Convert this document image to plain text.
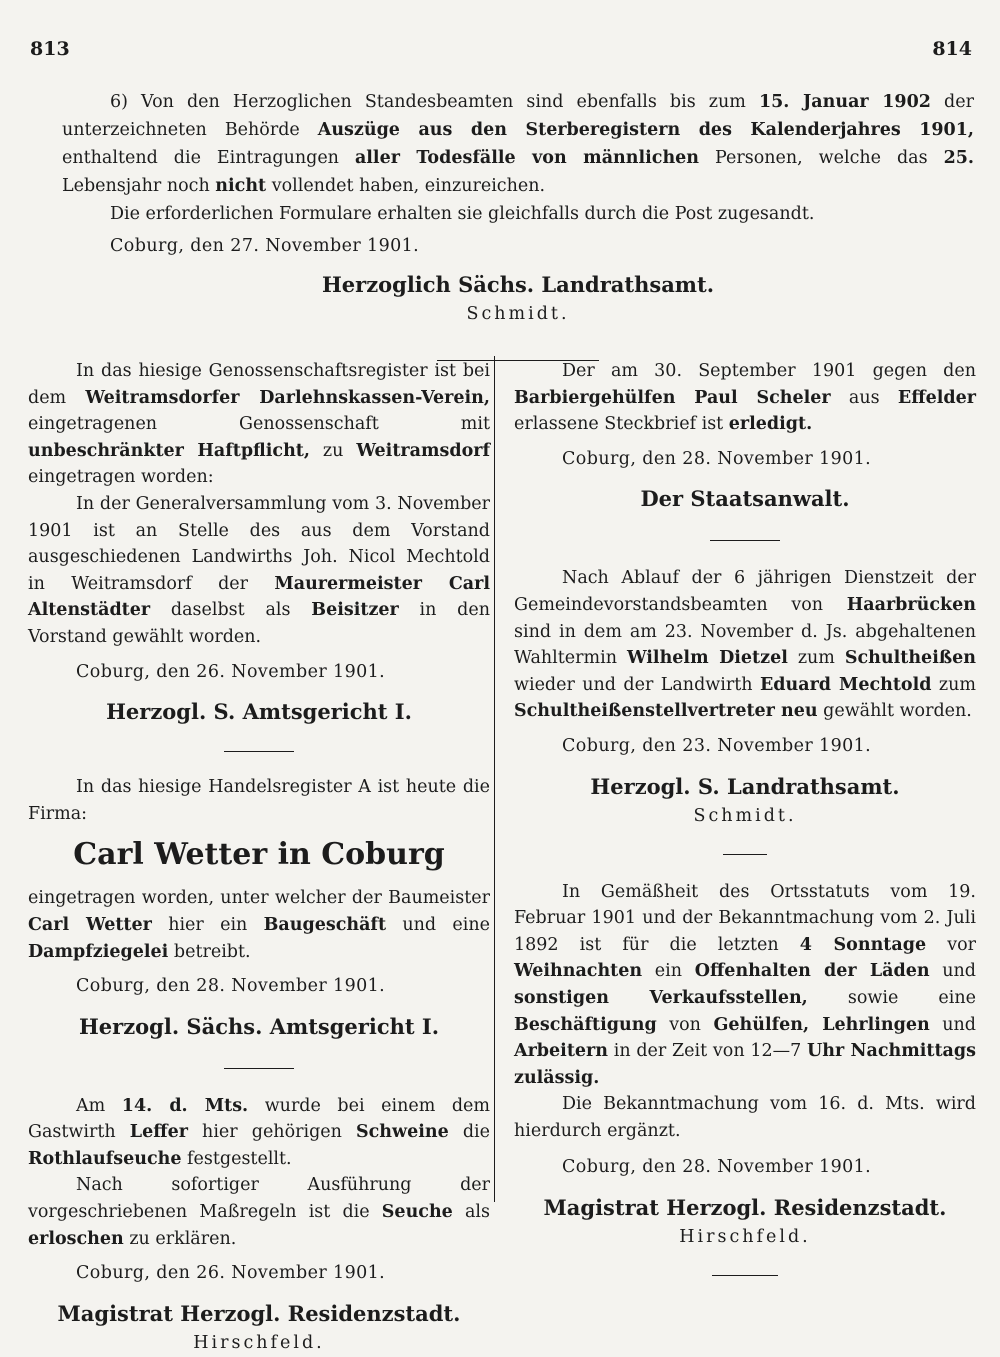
813	814

6) Von den Herzoglichen Standesbeamten sind ebenfalls bis zum 15. Januar 1902 der unterzeichneten Behörde Auszüge aus den Sterberegistern des Kalenderjahres 1901, enthaltend die Eintragungen aller Todesfälle von männlichen Personen, welche das 25. Lebensjahr noch nicht vollendet haben, einzureichen.

Die erforderlichen Formulare erhalten sie gleichfalls durch die Post zugesandt.

Coburg, den 27. November 1901.

Herzoglich Sächs. Landrathsamt.
Schmidt.

In das hiesige Genossenschaftsregister ist bei dem Weitramsdorfer Darlehnskassen-Verein, eingetragenen Genossenschaft mit unbeschränkter Haftpflicht, zu Weitramsdorf eingetragen worden:

In der Generalversammlung vom 3. November 1901 ist an Stelle des aus dem Vorstand ausgeschiedenen Landwirths Joh. Nicol Mechtold in Weitramsdorf der Maurermeister Carl Altenstädter daselbst als Beisitzer in den Vorstand gewählt worden.

Coburg, den 26. November 1901.

Herzogl. S. Amtsgericht I.

In das hiesige Handelsregister A ist heute die Firma:

Carl Wetter in Coburg

eingetragen worden, unter welcher der Baumeister Carl Wetter hier ein Baugeschäft und eine Dampfziegelei betreibt.

Coburg, den 28. November 1901.

Herzogl. Sächs. Amtsgericht I.

Am 14. d. Mts. wurde bei einem dem Gastwirth Leffer hier gehörigen Schweine die Rothlaufseuche festgestellt.

Nach sofortiger Ausführung der vorgeschriebenen Maßregeln ist die Seuche als erloschen zu erklären.

Coburg, den 26. November 1901.

Magistrat Herzogl. Residenzstadt.
Hirschfeld.

Der am 30. September 1901 gegen den Barbiergehülfen Paul Scheler aus Effelder erlassene Steckbrief ist erledigt.

Coburg, den 28. November 1901.

Der Staatsanwalt.

Nach Ablauf der 6 jährigen Dienstzeit der Gemeindevorstandsbeamten von Haarbrücken sind in dem am 23. November d. Js. abgehaltenen Wahltermin Wilhelm Dietzel zum Schultheißen wieder und der Landwirth Eduard Mechtold zum Schultheißenstellvertreter neu gewählt worden.

Coburg, den 23. November 1901.

Herzogl. S. Landrathsamt.
Schmidt.

In Gemäßheit des Ortsstatuts vom 19. Februar 1901 und der Bekanntmachung vom 2. Juli 1892 ist für die letzten 4 Sonntage vor Weihnachten ein Offenhalten der Läden und sonstigen Verkaufsstellen, sowie eine Beschäftigung von Gehülfen, Lehrlingen und Arbeitern in der Zeit von 12—7 Uhr Nachmittags zulässig.

Die Bekanntmachung vom 16. d. Mts. wird hierdurch ergänzt.

Coburg, den 28. November 1901.

Magistrat Herzogl. Residenzstadt.
Hirschfeld.
